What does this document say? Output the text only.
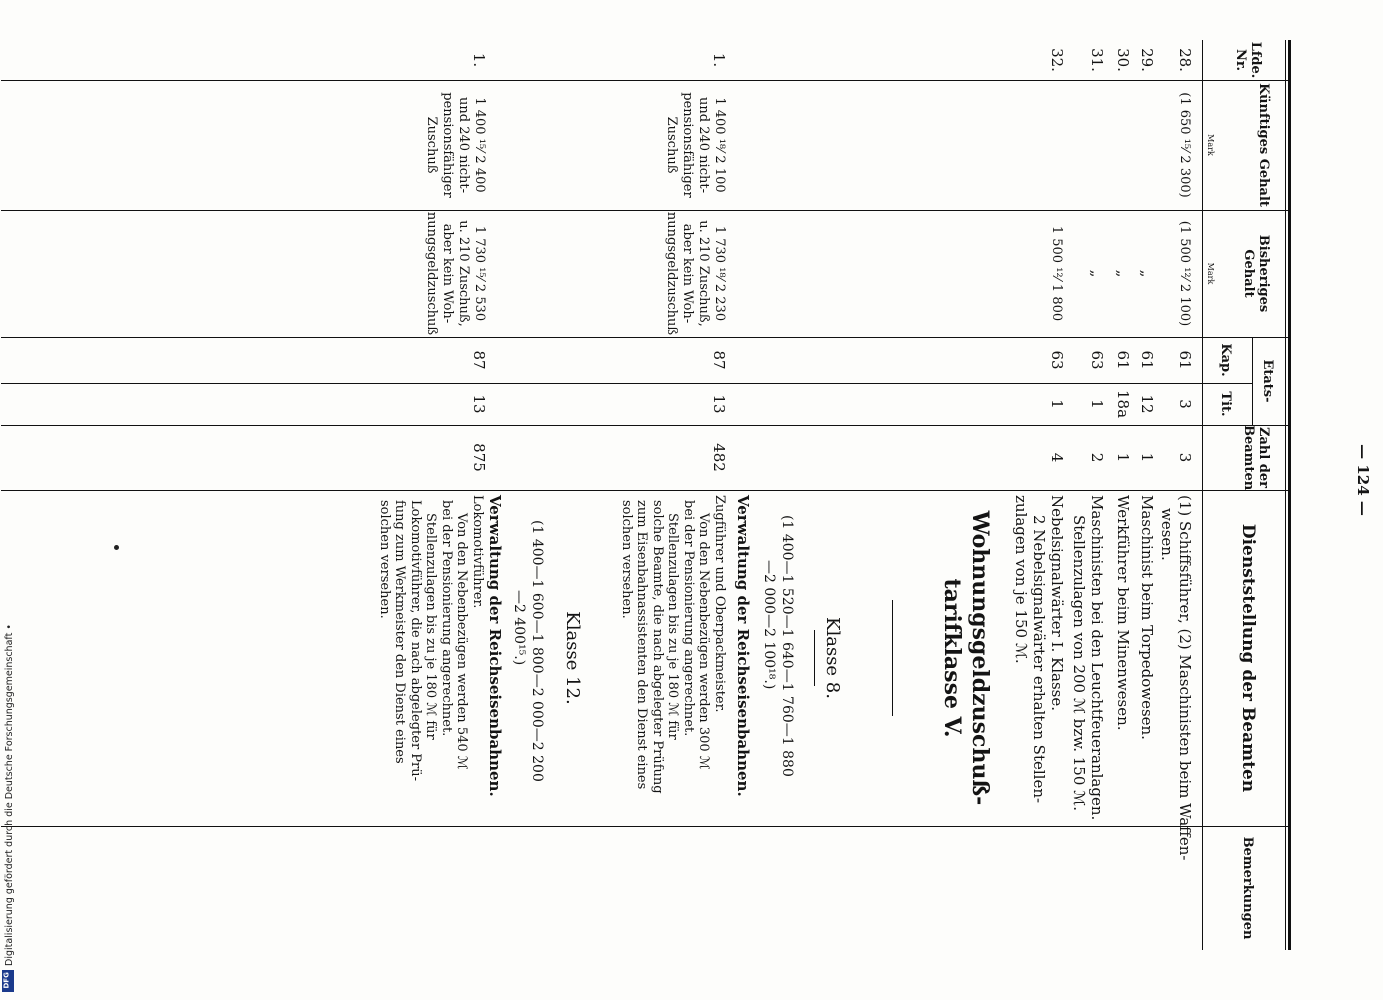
— 124 —
Lfde. Nr.
Künftiges Gehalt
Mark
Bisheriges Gehalt
Mark
Etats-
Kap.
Tit.
Zahl der Beamten
Dienststellung der Beamten
Bemerkungen
28.
(1 650 ¹⁵⁄ 2 300)
(1 500 ¹²⁄ 2 100)
61
3
3
(1) Schiffsführer, (2) Maschinisten beim Waffen-
wesen.
29.
„
61
12
1
Maschinist beim Torpedowesen.
30.
„
61
18a
1
Werkführer beim Minenwesen.
31.
„
63
1
2
Maschinisten bei den Leuchtfeueranlagen.
Stellenzulagen von 200 ℳ bzw. 150 ℳ.
32.
1 500 ¹²⁄ 1 800
63
1
4
Nebelsignalwärter I. Klasse.
2 Nebelsignalwärter erhalten Stellen-
zulagen von je 150 ℳ.
Wohnungsgeldzuschuß-
tarifklasse V.
Klasse 8.
(1 400—1 520—1 640—1 760—1 880
—2 000—2 100¹⁸.)
Verwaltung der Reichseisenbahnen.
1.
1 400 ¹⁸⁄ 2 100
und 240 nicht-
pensionsfähiger
Zuschuß
1 730 ¹⁸⁄ 2 230
u. 210 Zuschuß,
aber kein Woh-
nungsgeldzuschuß
87
13
482
Zugführer und Oberpackmeister.
Von den Nebenbezügen werden 300 ℳ
bei der Pensionierung angerechnet.
Stellenzulagen bis zu je 180 ℳ für
solche Beamte, die nach abgelegter Prüfung
zum Eisenbahnassistenten den Dienst eines
solchen versehen.
Klasse 12.
(1 400—1 600—1 800—2 000—2 200
—2 400¹⁵.)
Verwaltung der Reichseisenbahnen.
1.
1 400 ¹⁵⁄ 2 400
und 240 nicht-
pensionsfähiger
Zuschuß
1 730 ¹⁵⁄ 2 530
u. 210 Zuschuß,
aber kein Woh-
nungsgeldzuschuß
87
13
875
Lokomotivführer.
Von den Nebenbezügen werden 540 ℳ
bei der Pensionierung angerechnet.
Stellenzulagen bis zu je 180 ℳ für
Lokomotivführer, die nach abgelegter Prü-
fung zum Werkmeister den Dienst eines
solchen versehen.
Digitalisierung gefördert durch die Deutsche Forschungsgemeinschaft •
DFG
